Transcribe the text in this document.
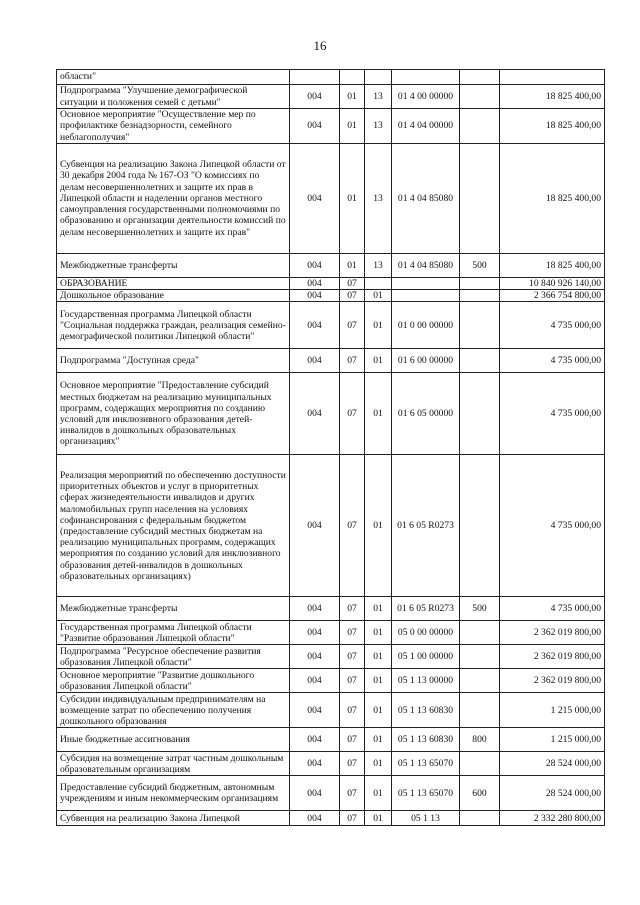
16
области"						
Подпрограмма "Улучшение демографической ситуации и положения семей с детьми"	004	01	13	01 4 00 00000		18 825 400,00
Основное мероприятие "Осуществление мер по профилактике безнадзорности, семейного неблагополучия"	004	01	13	01 4 04 00000		18 825 400,00
Субвенция на реализацию Закона Липецкой области от 30 декабря 2004 года № 167-ОЗ "О комиссиях по делам несовершеннолетних и защите их прав в Липецкой области и наделении органов местного самоуправления государственными полномочиями по образованию и организации деятельности комиссий по делам несовершеннолетних и защите их прав"	004	01	13	01 4 04 85080		18 825 400,00
Межбюджетные трансферты	004	01	13	01 4 04 85080	500	18 825 400,00
ОБРАЗОВАНИЕ	004	07				10 840 926 140,00
Дошкольное образование	004	07	01			2 366 754 800,00
Государственная программа Липецкой области "Социальная поддержка граждан, реализация семейно-демографической политики Липецкой области"	004	07	01	01 0 00 00000		4 735 000,00
Подпрограмма "Доступная среда"	004	07	01	01 6 00 00000		4 735 000,00
Основное мероприятие "Предоставление субсидий местных бюджетам на реализацию муниципальных программ, содержащих мероприятия по созданию условий для инклюзивного образования детей-инвалидов в дошкольных образовательных организациях"	004	07	01	01 6 05 00000		4 735 000,00
Реализация мероприятий по обеспечению доступности приоритетных объектов и услуг в приоритетных сферах жизнедеятельности инвалидов и других маломобильных групп населения на условиях софинансирования с федеральным бюджетом (предоставление субсидий местных бюджетам на реализацию муниципальных программ, содержащих мероприятия по созданию условий для инклюзивного образования детей-инвалидов в дошкольных образовательных организациях)	004	07	01	01 6 05 R0273		4 735 000,00
Межбюджетные трансферты	004	07	01	01 6 05 R0273	500	4 735 000,00
Государственная программа Липецкой области "Развитие образования Липецкой области"	004	07	01	05 0 00 00000		2 362 019 800,00
Подпрограмма "Ресурсное обеспечение развития образования Липецкой области"	004	07	01	05 1 00 00000		2 362 019 800,00
Основное мероприятие "Развитие дошкольного образования Липецкой области"	004	07	01	05 1 13 00000		2 362 019 800,00
Субсидии индивидуальным предпринимателям на возмещение затрат по обеспечению получения дошкольного образования	004	07	01	05 1 13 60830		1 215 000,00
Иные бюджетные ассигнования	004	07	01	05 1 13 60830	800	1 215 000,00
Субсидия на возмещение затрат частным дошкольным образовательным организациям	004	07	01	05 1 13 65070		28 524 000,00
Предоставление субсидий бюджетным, автономным учреждениям и иным некоммерческим организациям	004	07	01	05 1 13 65070	600	28 524 000,00
Субвенция на реализацию Закона Липецкой	004	07	01	05 1 13		2 332 280 800,00
